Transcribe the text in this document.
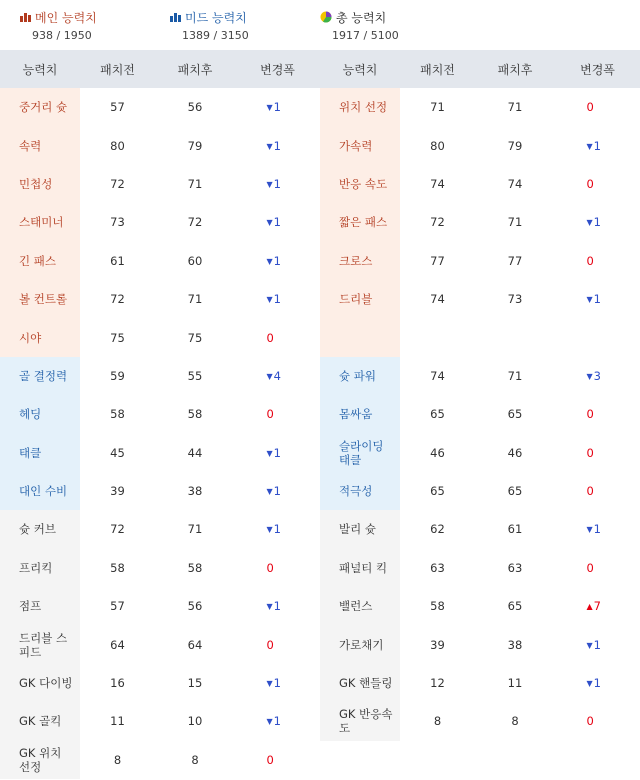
메인 능력치
938 / 1950
미드 능력치
1389 / 3150
총 능력치
1917 / 5100
능력치	패치전	패치후	변경폭	능력치	패치전	패치후	변경폭
중거리 슛	57	56	▼1	위치 선정	71	71	0
속력	80	79	▼1	가속력	80	79	▼1
민첩성	72	71	▼1	반응 속도	74	74	0
스태미너	73	72	▼1	짧은 패스	72	71	▼1
긴 패스	61	60	▼1	크로스	77	77	0
볼 컨트롤	72	71	▼1	드리블	74	73	▼1
시야	75	75	0				
골 결정력	59	55	▼4	슛 파워	74	71	▼3
헤딩	58	58	0	몸싸움	65	65	0
태클	45	44	▼1	슬라이딩 태클	46	46	0
대인 수비	39	38	▼1	적극성	65	65	0
슛 커브	72	71	▼1	발리 슛	62	61	▼1
프리킥	58	58	0	패널티 킥	63	63	0
점프	57	56	▼1	밸런스	58	65	▲7
드리블 스피드	64	64	0	가로채기	39	38	▼1
GK 다이빙	16	15	▼1	GK 핸들링	12	11	▼1
GK 골킥	11	10	▼1	GK 반응속도	8	8	0
GK 위치 선정	8	8	0				
